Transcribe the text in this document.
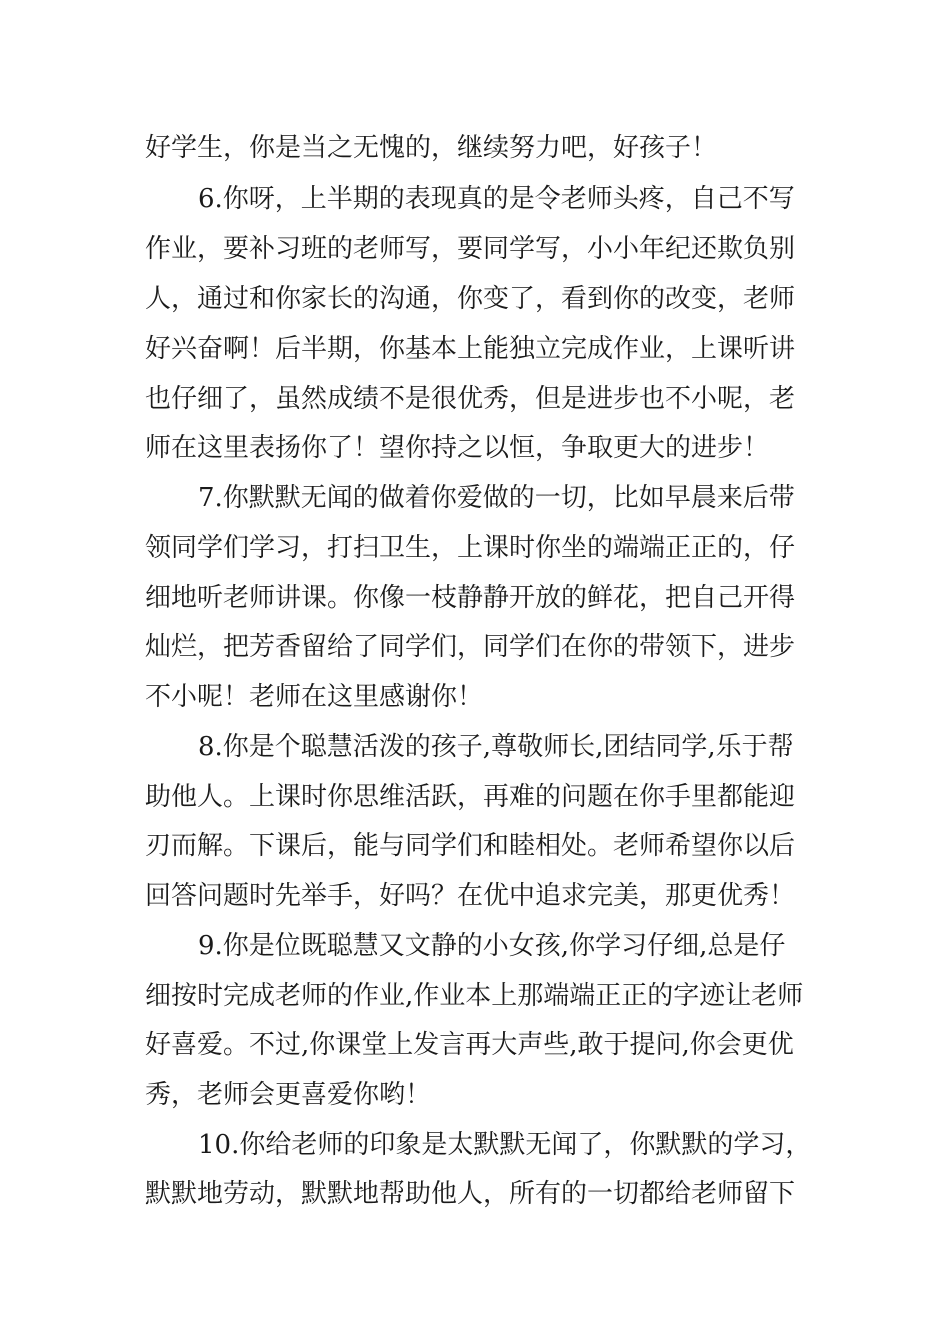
好学生，你是当之无愧的，继续努力吧，好孩子！
6.你呀，上半期的表现真的是令老师头疼，自己不写
作业，要补习班的老师写，要同学写，小小年纪还欺负别
人，通过和你家长的沟通，你变了，看到你的改变，老师
好兴奋啊！后半期，你基本上能独立完成作业，上课听讲
也仔细了，虽然成绩不是很优秀，但是进步也不小呢，老
师在这里表扬你了！望你持之以恒，争取更大的进步！
7.你默默无闻的做着你爱做的一切，比如早晨来后带
领同学们学习，打扫卫生，上课时你坐的端端正正的，仔
细地听老师讲课。你像一枝静静开放的鲜花，把自己开得
灿烂，把芳香留给了同学们，同学们在你的带领下，进步
不小呢！老师在这里感谢你！
8.你是个聪慧活泼的孩子,尊敬师长,团结同学,乐于帮
助他人。上课时你思维活跃，再难的问题在你手里都能迎
刃而解。下课后，能与同学们和睦相处。老师希望你以后
回答问题时先举手，好吗？在优中追求完美，那更优秀！
9.你是位既聪慧又文静的小女孩,你学习仔细,总是仔
细按时完成老师的作业,作业本上那端端正正的字迹让老师
好喜爱。不过,你课堂上发言再大声些,敢于提问,你会更优
秀，老师会更喜爱你哟！
10.你给老师的印象是太默默无闻了，你默默的学习，
默默地劳动，默默地帮助他人，所有的一切都给老师留下
